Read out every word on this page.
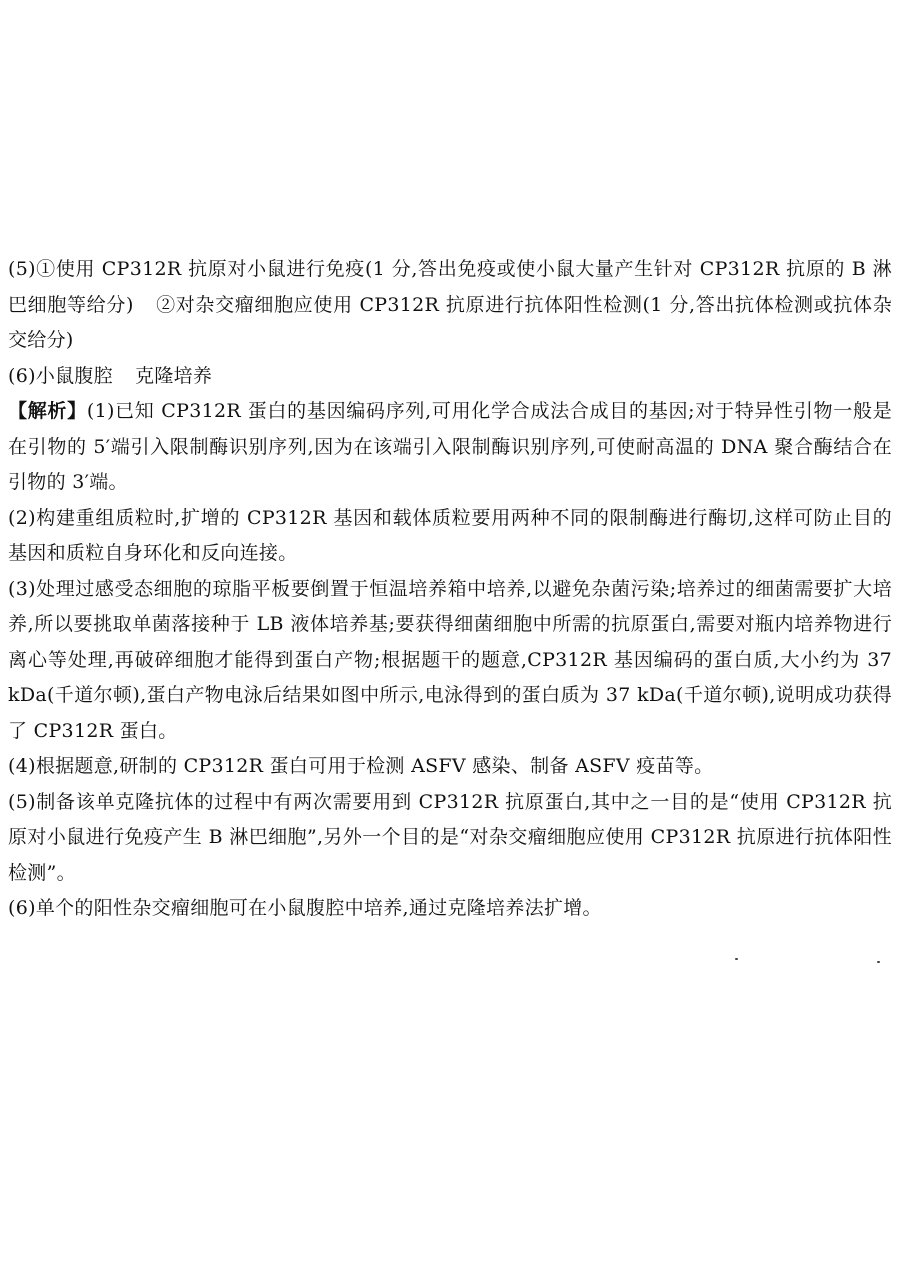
(5)①使用 CP312R 抗原对小鼠进行免疫(1 分,答出免疫或使小鼠大量产生针对 CP312R 抗原的 B 淋巴细胞等给分) ②对杂交瘤细胞应使用 CP312R 抗原进行抗体阳性检测(1 分,答出抗体检测或抗体杂交给分)

(6)小鼠腹腔 克隆培养

【解析】(1)已知 CP312R 蛋白的基因编码序列,可用化学合成法合成目的基因;对于特异性引物一般是在引物的 5′端引入限制酶识别序列,因为在该端引入限制酶识别序列,可使耐高温的 DNA 聚合酶结合在引物的 3′端。

(2)构建重组质粒时,扩增的 CP312R 基因和载体质粒要用两种不同的限制酶进行酶切,这样可防止目的基因和质粒自身环化和反向连接。

(3)处理过感受态细胞的琼脂平板要倒置于恒温培养箱中培养,以避免杂菌污染;培养过的细菌需要扩大培养,所以要挑取单菌落接种于 LB 液体培养基;要获得细菌细胞中所需的抗原蛋白,需要对瓶内培养物进行离心等处理,再破碎细胞才能得到蛋白产物;根据题干的题意,CP312R 基因编码的蛋白质,大小约为 37 kDa(千道尔顿),蛋白产物电泳后结果如图中所示,电泳得到的蛋白质为 37 kDa(千道尔顿),说明成功获得了 CP312R 蛋白。

(4)根据题意,研制的 CP312R 蛋白可用于检测 ASFV 感染、制备 ASFV 疫苗等。

(5)制备该单克隆抗体的过程中有两次需要用到 CP312R 抗原蛋白,其中之一目的是“使用 CP312R 抗原对小鼠进行免疫产生 B 淋巴细胞”,另外一个目的是“对杂交瘤细胞应使用 CP312R 抗原进行抗体阳性检测”。

(6)单个的阳性杂交瘤细胞可在小鼠腹腔中培养,通过克隆培养法扩增。
